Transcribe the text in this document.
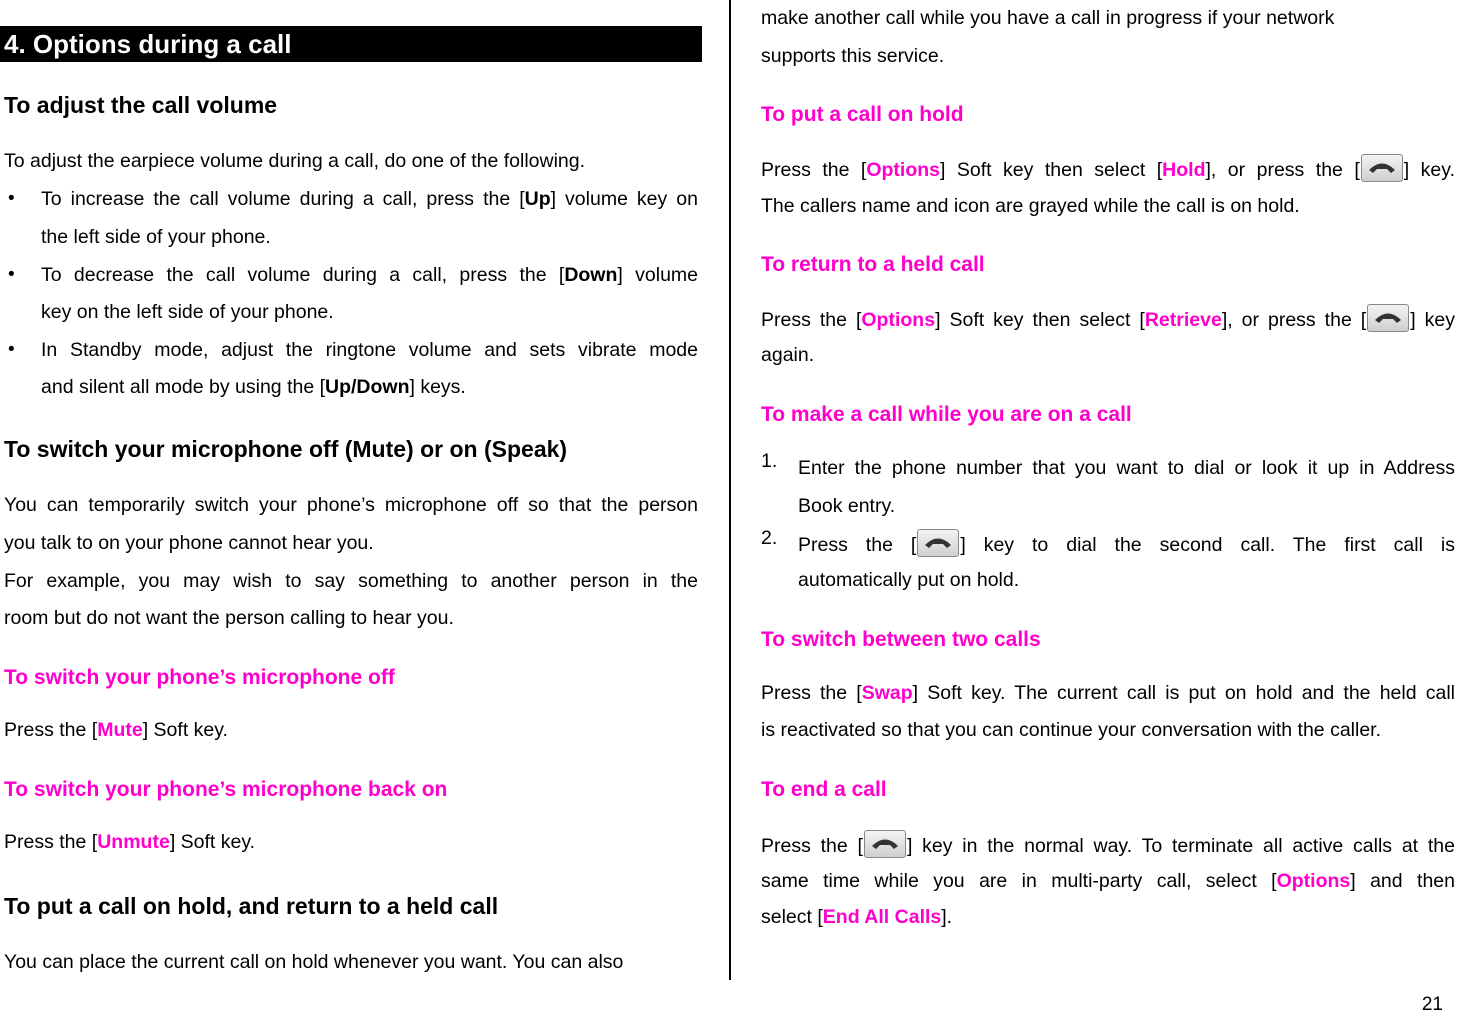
4. Options during a call
To adjust the call volume
To adjust the earpiece volume during a call, do one of the following.
• To increase the call volume during a call, press the [Up] volume key on
the left side of your phone.
• To decrease the call volume during a call, press the [Down] volume
key on the left side of your phone.
• In Standby mode, adjust the ringtone volume and sets vibrate mode
and silent all mode by using the [Up/Down] keys.
To switch your microphone off (Mute) or on (Speak)
You can temporarily switch your phone’s microphone off so that the person
you talk to on your phone cannot hear you.
For example, you may wish to say something to another person in the
room but do not want the person calling to hear you.
To switch your phone’s microphone off
Press the [Mute] Soft key.
To switch your phone’s microphone back on
Press the [Unmute] Soft key.
To put a call on hold, and return to a held call
You can place the current call on hold whenever you want. You can also
make another call while you have a call in progress if your network
supports this service.
To put a call on hold
Press the [Options] Soft key then select [Hold], or press the [ ] key.
The callers name and icon are grayed while the call is on hold.
To return to a held call
Press the [Options] Soft key then select [Retrieve], or press the [ ] key
again.
To make a call while you are on a call
1. Enter the phone number that you want to dial or look it up in Address
Book entry.
2. Press the [ ] key to dial the second call. The first call is
automatically put on hold.
To switch between two calls
Press the [Swap] Soft key. The current call is put on hold and the held call
is reactivated so that you can continue your conversation with the caller.
To end a call
Press the [ ] key in the normal way. To terminate all active calls at the
same time while you are in multi-party call, select [Options] and then
select [End All Calls].
21
